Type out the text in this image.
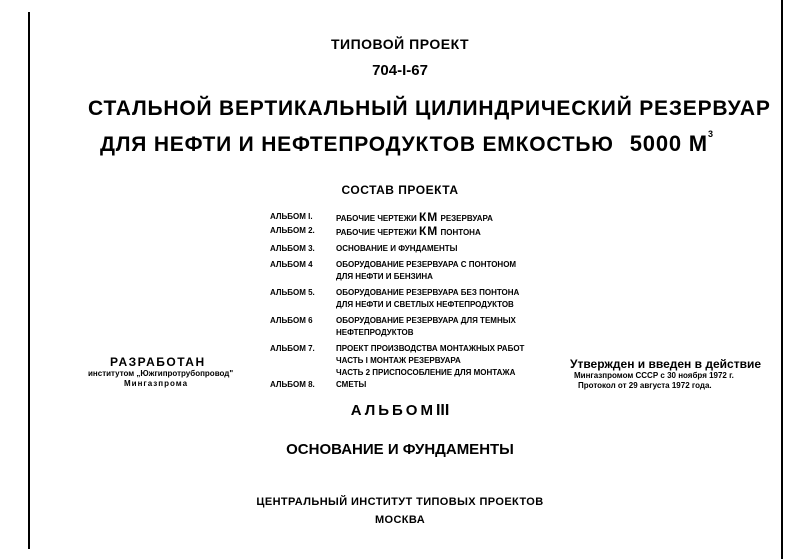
ТИПОВОЙ ПРОЕКТ
704-I-67
СТАЛЬНОЙ ВЕРТИКАЛЬНЫЙ ЦИЛИНДРИЧЕСКИЙ РЕЗЕРВУАР
ДЛЯ НЕФТИ И НЕФТЕПРОДУКТОВ ЕМКОСТЬЮ 5000 $М^3$
СОСТАВ ПРОЕКТА
АЛЬБОМ I.	РАБОЧИЕ ЧЕРТЕЖИ КМ РЕЗЕРВУАРА
АЛЬБОМ 2.	РАБОЧИЕ ЧЕРТЕЖИ КМ ПОНТОНА
АЛЬБОМ 3.	ОСНОВАНИЕ И ФУНДАМЕНТЫ
АЛЬБОМ 4	ОБОРУДОВАНИЕ РЕЗЕРВУАРА С ПОНТОНОМ
ДЛЯ НЕФТИ И БЕНЗИНА
АЛЬБОМ 5.	ОБОРУДОВАНИЕ РЕЗЕРВУАРА БЕЗ ПОНТОНА
ДЛЯ НЕФТИ И СВЕТЛЫХ НЕФТЕПРОДУКТОВ
АЛЬБОМ 6	ОБОРУДОВАНИЕ РЕЗЕРВУАРА ДЛЯ ТЕМНЫХ
НЕФТЕПРОДУКТОВ
АЛЬБОМ 7.	ПРОЕКТ ПРОИЗВОДСТВА МОНТАЖНЫХ РАБОТ
ЧАСТЬ I МОНТАЖ РЕЗЕРВУАРА
ЧАСТЬ 2 ПРИСПОСОБЛЕНИЕ ДЛЯ МОНТАЖА
АЛЬБОМ 8.	СМЕТЫ
РАЗРАБОТАН
институтом „Южгипротрубопровод"
Мингазпрома
Утвержден и введен в действие
Мингазпромом СССР с 30 ноября 1972 г.
Протокол от 29 августа 1972 года.
АЛЬБОМIII
ОСНОВАНИЕ И ФУНДАМЕНТЫ
ЦЕНТРАЛЬНЫЙ ИНСТИТУТ ТИПОВЫХ ПРОЕКТОВ
МОСКВА
